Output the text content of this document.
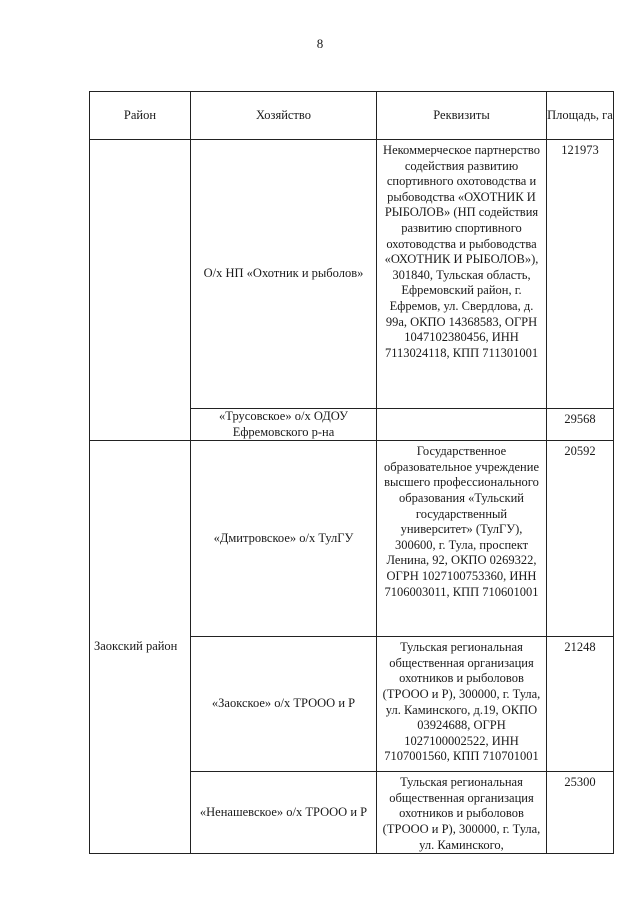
8
Район	Хозяйство	Реквизиты	Площадь, га
	О/х НП «Охотник и рыболов»	Некоммерческое партнерство содействия развитию спортивного охотоводства и рыбоводства «ОХОТНИК И РЫБОЛОВ» (НП содействия развитию спортивного охотоводства и рыбоводства «ОХОТНИК И РЫБОЛОВ»), 301840, Тульская область, Ефремовский район, г. Ефремов, ул. Свердлова, д. 99а, ОКПО 14368583, ОГРН 1047102380456, ИНН 7113024118, КПП 711301001	121973
	«Трусовское» о/х ОДОУ Ефремовского р-на		29568
Заокский район	«Дмитровское» о/х ТулГУ	Государственное образовательное учреждение высшего профессионального образования «Тульский государственный университет» (ТулГУ), 300600, г. Тула, проспект Ленина, 92, ОКПО 0269322, ОГРН 1027100753360, ИНН 7106003011, КПП 710601001	20592
	«Заокское» о/х ТРООО и Р	Тульская региональная общественная организация охотников и рыболовов (ТРООО и Р), 300000, г. Тула, ул. Каминского, д.19, ОКПО 03924688, ОГРН 1027100002522, ИНН 7107001560, КПП 710701001	21248
	«Ненашевское» о/х ТРООО и Р	Тульская региональная общественная организация охотников и рыболовов (ТРООО и Р), 300000, г. Тула, ул. Каминского,	25300
